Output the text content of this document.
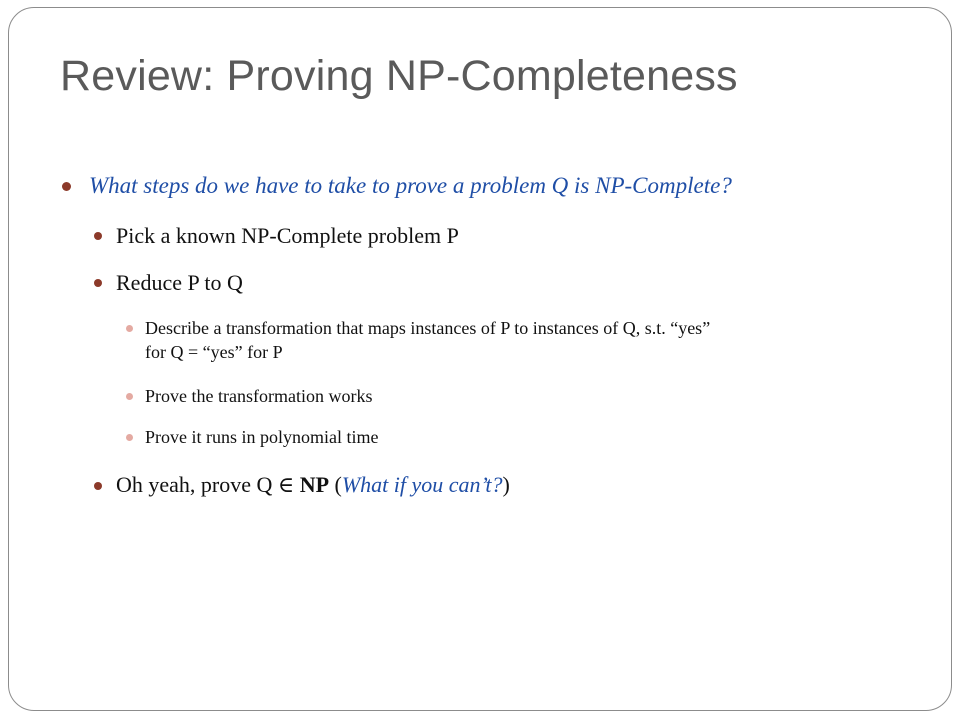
Review: Proving NP-Completeness
What steps do we have to take to prove a problem Q is NP-Complete?
Pick a known NP-Complete problem P
Reduce P to Q
Describe a transformation that maps instances of P to instances of Q, s.t. “yes”
for Q = “yes” for P
Prove the transformation works
Prove it runs in polynomial time
Oh yeah, prove Q ∈ NP (What if you can’t?)
